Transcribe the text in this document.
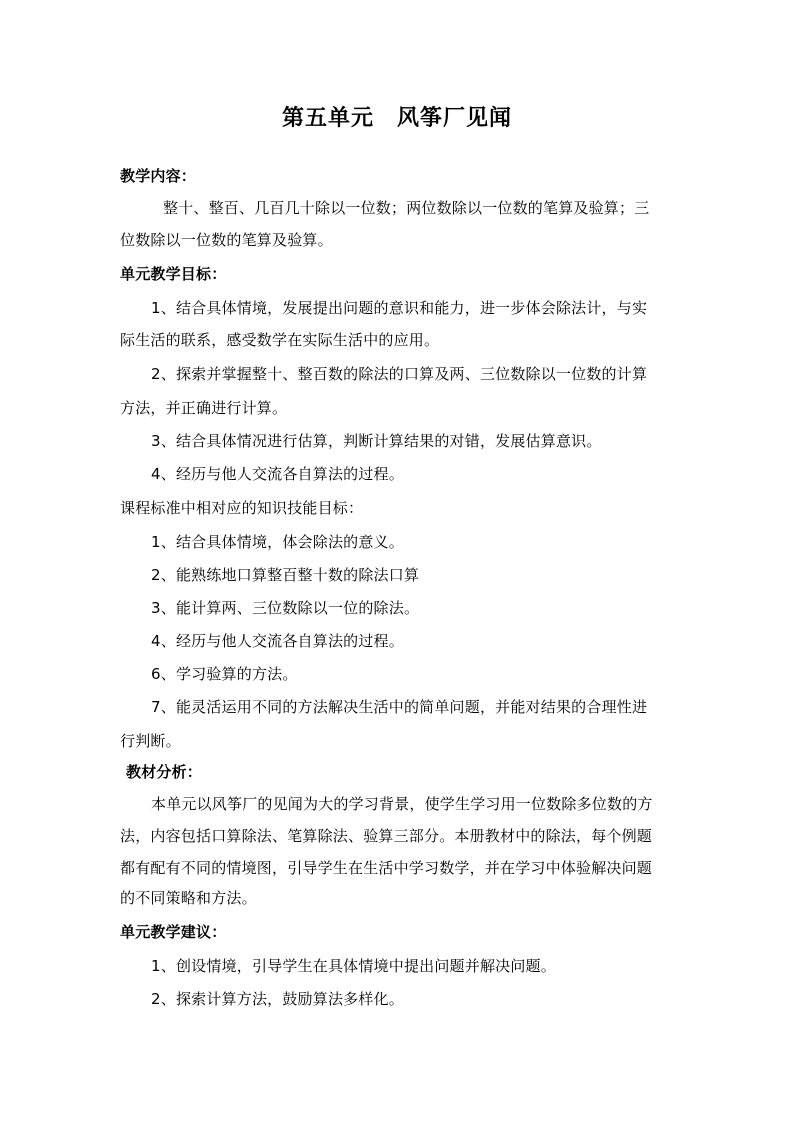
第五单元　风筝厂见闻
教学内容：
整十、整百、几百几十除以一位数；两位数除以一位数的笔算及验算；三
位数除以一位数的笔算及验算。
单元教学目标：
1、结合具体情境，发展提出问题的意识和能力，进一步体会除法计，与实
际生活的联系，感受数学在实际生活中的应用。
2、探索并掌握整十、整百数的除法的口算及两、三位数除以一位数的计算
方法，并正确进行计算。
3、结合具体情况进行估算，判断计算结果的对错，发展估算意识。
4、经历与他人交流各自算法的过程。
课程标准中相对应的知识技能目标：
1、结合具体情境，体会除法的意义。
2、能熟练地口算整百整十数的除法口算
3、能计算两、三位数除以一位的除法。
4、经历与他人交流各自算法的过程。
6、学习验算的方法。
7、能灵活运用不同的方法解决生活中的简单问题，并能对结果的合理性进
行判断。
教材分析：
本单元以风筝厂的见闻为大的学习背景，使学生学习用一位数除多位数的方
法，内容包括口算除法、笔算除法、验算三部分。本册教材中的除法，每个例题
都有配有不同的情境图，引导学生在生活中学习数学，并在学习中体验解决问题
的不同策略和方法。
单元教学建议：
1、创设情境，引导学生在具体情境中提出问题并解决问题。
2、探索计算方法，鼓励算法多样化。
